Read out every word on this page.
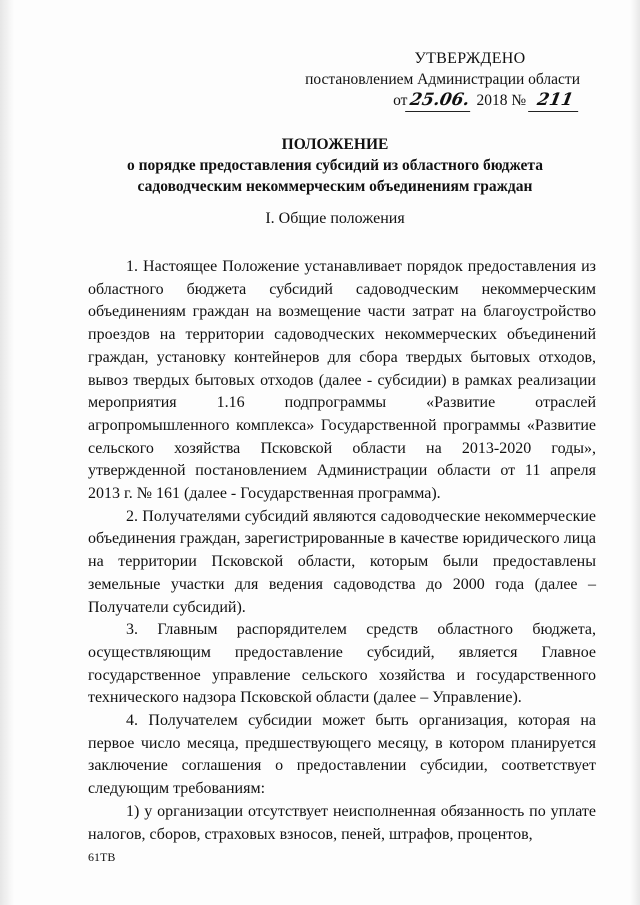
УТВЕРЖДЕНО
постановлением Администрации области
от25.06. 2018 № 211
ПОЛОЖЕНИЕ
о порядке предоставления субсидий из областного бюджета
садоводческим некоммерческим объединениям граждан
I. Общие положения

1. Настоящее Положение устанавливает порядок предоставления из областного бюджета субсидий садоводческим некоммерческим объединениям граждан на возмещение части затрат на благоустройство проездов на территории садоводческих некоммерческих объединений граждан, установку контейнеров для сбора твердых бытовых отходов, вывоз твердых бытовых отходов (далее - субсидии) в рамках реализации мероприятия 1.16 подпрограммы «Развитие отраслей агропромышленного комплекса» Государственной программы «Развитие сельского хозяйства Псковской области на 2013-2020 годы», утвержденной постановлением Администрации области от 11 апреля 2013 г. № 161 (далее - Государственная программа).

2. Получателями субсидий являются садоводческие некоммерческие объединения граждан, зарегистрированные в качестве юридического лица на территории Псковской области, которым были предоставлены земельные участки для ведения садоводства до 2000 года (далее – Получатели субсидий).

3. Главным распорядителем средств областного бюджета, осуществляющим предоставление субсидий, является Главное государственное управление сельского хозяйства и государственного технического надзора Псковской области (далее – Управление).

4. Получателем субсидии может быть организация, которая на первое число месяца, предшествующего месяцу, в котором планируется заключение соглашения о предоставлении субсидии, соответствует следующим требованиям:

1) у организации отсутствует неисполненная обязанность по уплате налогов, сборов, страховых взносов, пеней, штрафов, процентов,

61ТВ
